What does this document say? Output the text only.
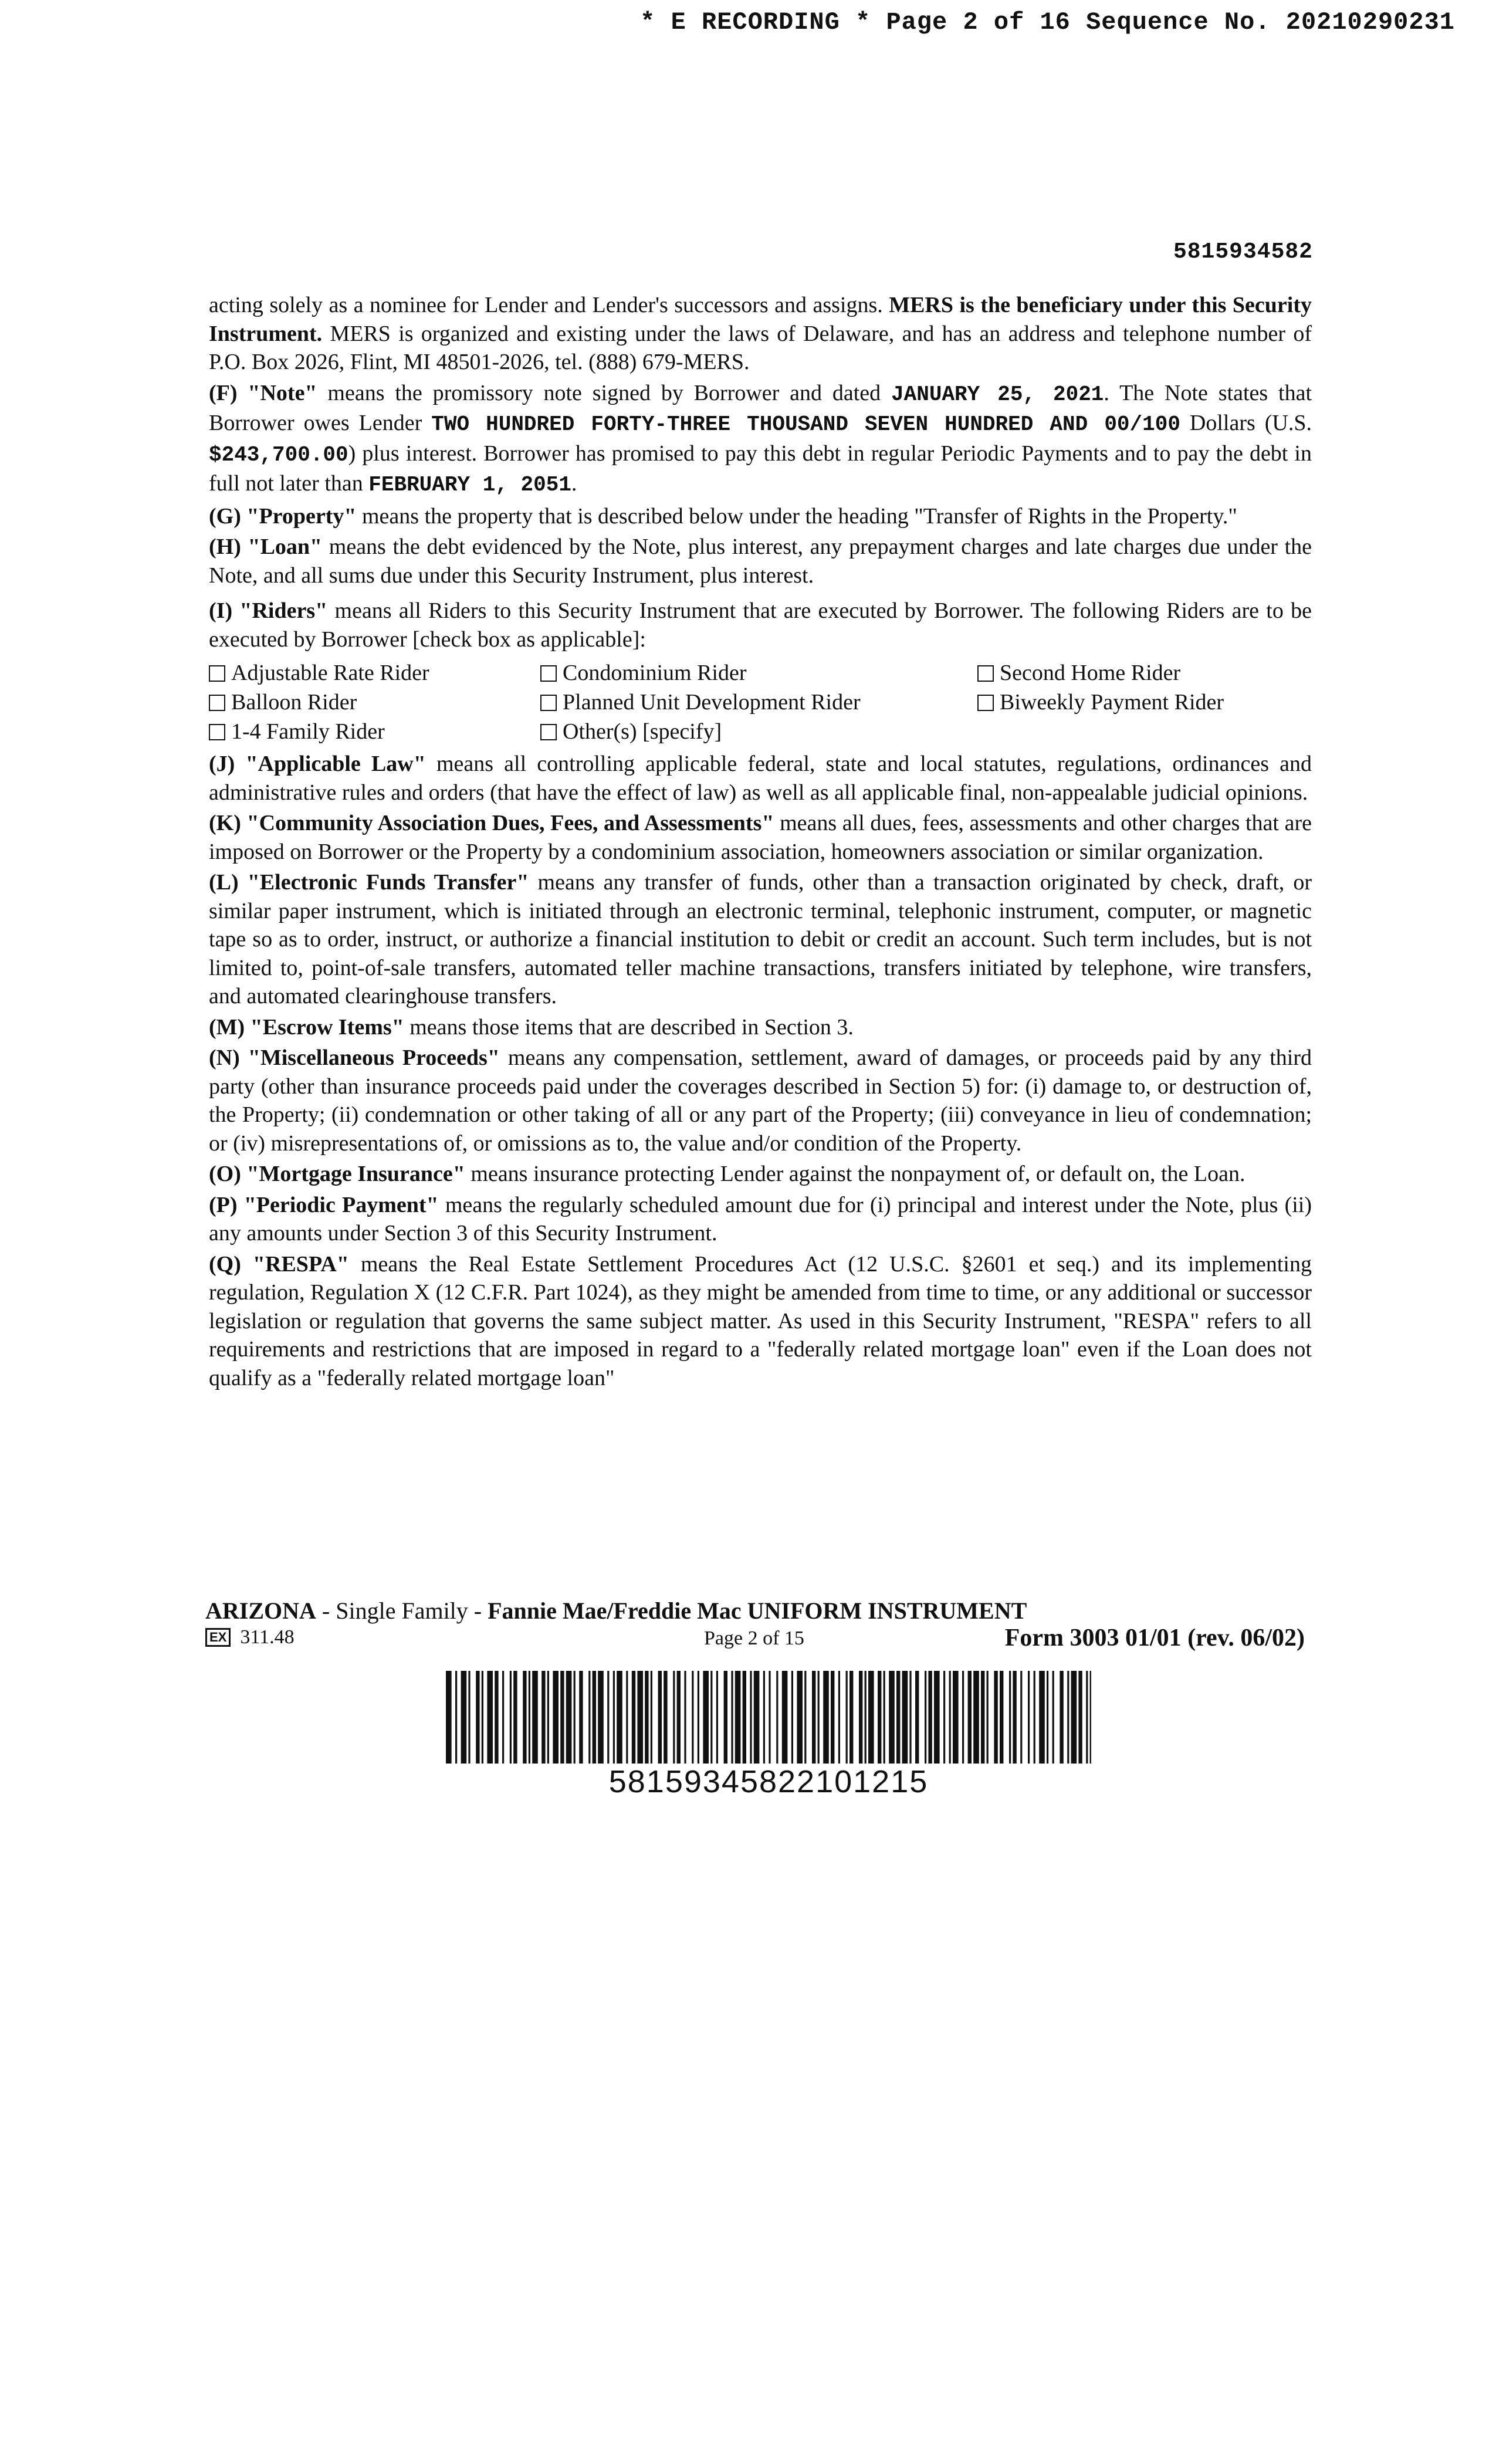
* E RECORDING * Page 2 of 16 Sequence No. 20210290231
5815934582

acting solely as a nominee for Lender and Lender's successors and assigns. MERS is the beneficiary under this Security Instrument. MERS is organized and existing under the laws of Delaware, and has an address and telephone number of P.O. Box 2026, Flint, MI 48501-2026, tel. (888) 679-MERS.

(F) "Note" means the promissory note signed by Borrower and dated JANUARY 25, 2021. The Note states that Borrower owes Lender TWO HUNDRED FORTY-THREE THOUSAND SEVEN HUNDRED AND 00/100 Dollars (U.S. $243,700.00) plus interest. Borrower has promised to pay this debt in regular Periodic Payments and to pay the debt in full not later than FEBRUARY 1, 2051.

(G) "Property" means the property that is described below under the heading "Transfer of Rights in the Property."

(H) "Loan" means the debt evidenced by the Note, plus interest, any prepayment charges and late charges due under the Note, and all sums due under this Security Instrument, plus interest.

(I) "Riders" means all Riders to this Security Instrument that are executed by Borrower. The following Riders are to be executed by Borrower [check box as applicable]:

Adjustable Rate Rider	Condominium Rider	Second Home Rider
Balloon Rider	Planned Unit Development Rider	Biweekly Payment Rider
1-4 Family Rider	Other(s) [specify]

(J) "Applicable Law" means all controlling applicable federal, state and local statutes, regulations, ordinances and administrative rules and orders (that have the effect of law) as well as all applicable final, non-appealable judicial opinions.

(K) "Community Association Dues, Fees, and Assessments" means all dues, fees, assessments and other charges that are imposed on Borrower or the Property by a condominium association, homeowners association or similar organization.

(L) "Electronic Funds Transfer" means any transfer of funds, other than a transaction originated by check, draft, or similar paper instrument, which is initiated through an electronic terminal, telephonic instrument, computer, or magnetic tape so as to order, instruct, or authorize a financial institution to debit or credit an account. Such term includes, but is not limited to, point-of-sale transfers, automated teller machine transactions, transfers initiated by telephone, wire transfers, and automated clearinghouse transfers.

(M) "Escrow Items" means those items that are described in Section 3.

(N) "Miscellaneous Proceeds" means any compensation, settlement, award of damages, or proceeds paid by any third party (other than insurance proceeds paid under the coverages described in Section 5) for: (i) damage to, or destruction of, the Property; (ii) condemnation or other taking of all or any part of the Property; (iii) conveyance in lieu of condemnation; or (iv) misrepresentations of, or omissions as to, the value and/or condition of the Property.

(O) "Mortgage Insurance" means insurance protecting Lender against the nonpayment of, or default on, the Loan.

(P) "Periodic Payment" means the regularly scheduled amount due for (i) principal and interest under the Note, plus (ii) any amounts under Section 3 of this Security Instrument.

(Q) "RESPA" means the Real Estate Settlement Procedures Act (12 U.S.C. §2601 et seq.) and its implementing regulation, Regulation X (12 C.F.R. Part 1024), as they might be amended from time to time, or any additional or successor legislation or regulation that governs the same subject matter. As used in this Security Instrument, "RESPA" refers to all requirements and restrictions that are imposed in regard to a "federally related mortgage loan" even if the Loan does not qualify as a "federally related mortgage loan"

ARIZONA - Single Family - Fannie Mae/Freddie Mac UNIFORM INSTRUMENT
EX 311.48	Page 2 of 15	Form 3003 01/01 (rev. 06/02)
58159345822101215
